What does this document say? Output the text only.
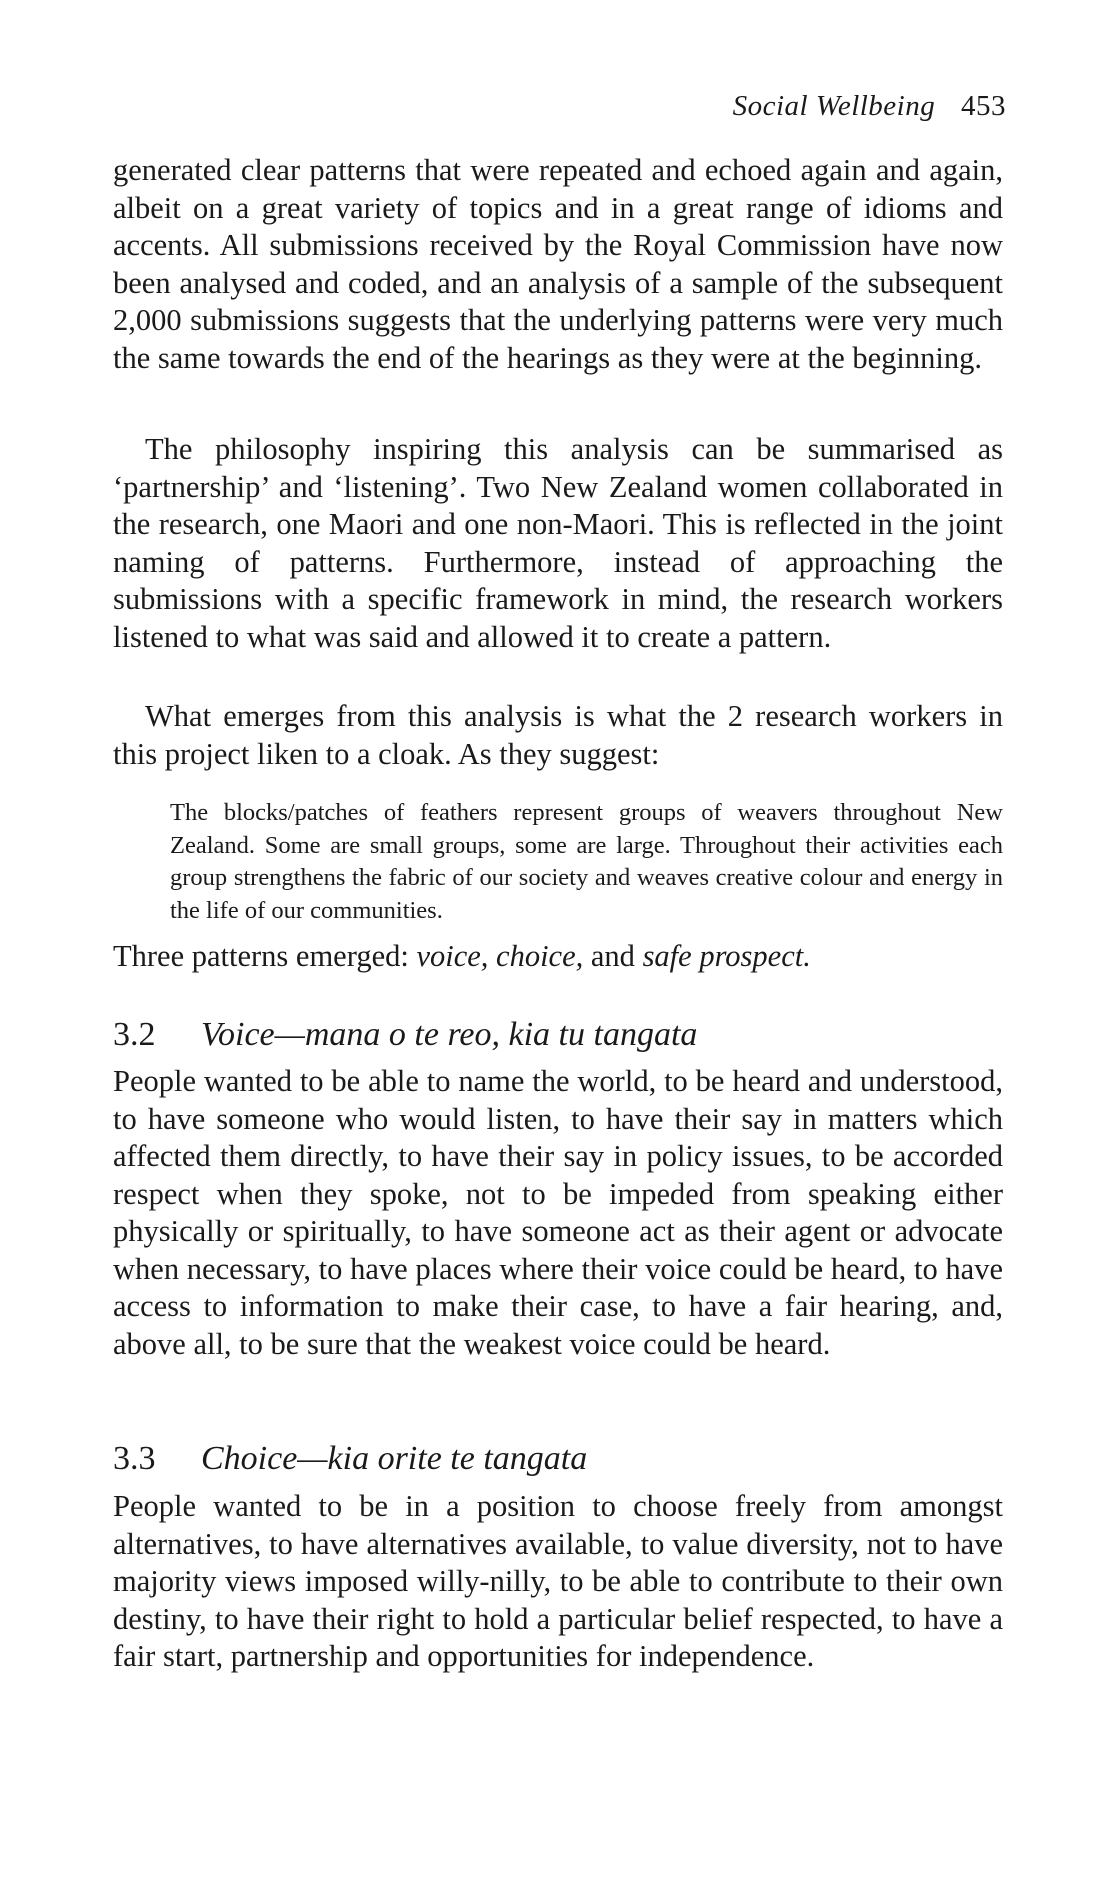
Social Wellbeing 453

generated clear patterns that were repeated and echoed again and again, albeit on a great variety of topics and in a great range of idioms and accents. All submissions received by the Royal Commission have now been analysed and coded, and an analysis of a sample of the subsequent 2,000 submissions suggests that the underlying patterns were very much the same towards the end of the hearings as they were at the beginning.

The philosophy inspiring this analysis can be summarised as ‘partnership’ and ‘listening’. Two New Zealand women collaborated in the research, one Maori and one non-Maori. This is reflected in the joint naming of patterns. Furthermore, instead of approaching the submissions with a specific framework in mind, the research workers listened to what was said and allowed it to create a pattern.

What emerges from this analysis is what the 2 research workers in this project liken to a cloak. As they suggest:

The blocks/patches of feathers represent groups of weavers throughout New Zealand. Some are small groups, some are large. Throughout their activities each group strengthens the fabric of our society and weaves creative colour and energy in the life of our communities.

Three patterns emerged: voice, choice, and safe prospect.

3.2 Voice—mana o te reo, kia tu tangata

People wanted to be able to name the world, to be heard and understood, to have someone who would listen, to have their say in matters which affected them directly, to have their say in policy issues, to be accorded respect when they spoke, not to be impeded from speaking either physically or spiritually, to have someone act as their agent or advocate when necessary, to have places where their voice could be heard, to have access to information to make their case, to have a fair hearing, and, above all, to be sure that the weakest voice could be heard.

3.3 Choice—kia orite te tangata

People wanted to be in a position to choose freely from amongst alternatives, to have alternatives available, to value diversity, not to have majority views imposed willy-nilly, to be able to contribute to their own destiny, to have their right to hold a particular belief respected, to have a fair start, partnership and opportunities for independence.
